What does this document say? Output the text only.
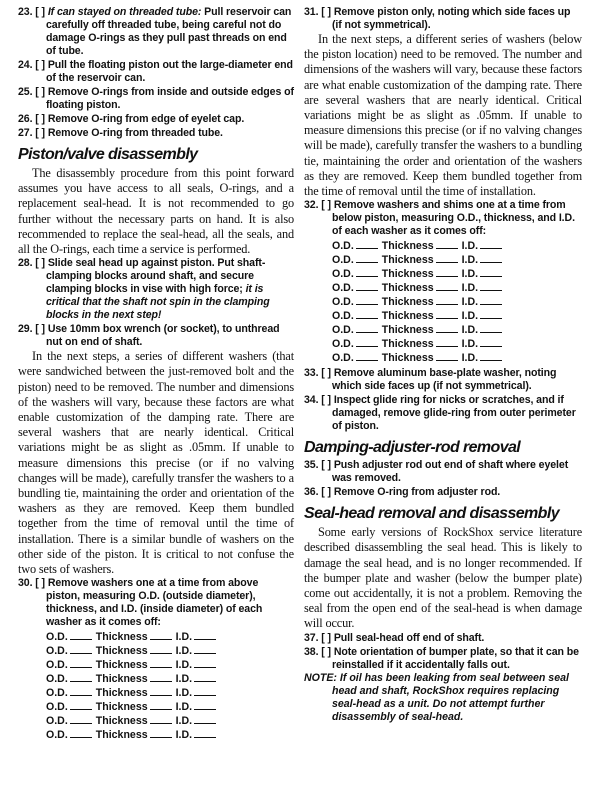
23. [ ] If can stayed on threaded tube: Pull reservoir can carefully off threaded tube, being careful not do damage O-rings as they pull past threads on end of tube.

24. [ ] Pull the floating piston out the large-diameter end of the reservoir can.

25. [ ] Remove O-rings from inside and outside edges of floating piston.

26. [ ] Remove O-ring from edge of eyelet cap.

27. [ ] Remove O-ring from threaded tube.

Piston/valve disassembly

The disassembly procedure from this point forward assumes you have access to all seals, O-rings, and a replacement seal-head. It is not recommended to go further without the necessary parts on hand. It is also recommended to replace the seal-head, all the seals, and all the O-rings, each time a service is performed.

28. [ ] Slide seal head up against piston. Put shaft-clamping blocks around shaft, and secure clamping blocks in vise with high force; it is critical that the shaft not spin in the clamping blocks in the next step!

29. [ ] Use 10mm box wrench (or socket), to unthread nut on end of shaft.

In the next steps, a series of different washers (that were sandwiched between the just-removed bolt and the piston) need to be removed. The number and dimensions of the washers will vary, because these factors are what enable customization of the damping rate. There are several washers that are nearly identical. Critical variations might be as slight as .05mm. If unable to measure dimensions this precise (or if no valving changes will be made), carefully transfer the washers to a bundling tie, maintaining the order and orientation of the washers as they are removed. Keep them bundled together from the time of removal until the time of installation. There is a similar bundle of washers on the other side of the piston. It is critical to not confuse the two sets of washers.

30. [ ] Remove washers one at a time from above piston, measuring O.D. (outside diameter), thickness, and I.D. (inside diameter) of each washer as it comes off:

O.D.	Thickness	I.D.
O.D.	Thickness	I.D.
O.D.	Thickness	I.D.
O.D.	Thickness	I.D.
O.D.	Thickness	I.D.
O.D.	Thickness	I.D.
O.D.	Thickness	I.D.
O.D.	Thickness	I.D.

31. [ ] Remove piston only, noting which side faces up (if not symmetrical).

In the next steps, a different series of washers (below the piston location) need to be removed. The number and dimensions of the washers will vary, because these factors are what enable customization of the damping rate. There are several washers that are nearly identical. Critical variations might be as slight as .05mm. If unable to measure dimensions this precise (or if no valving changes will be made), carefully transfer the washers to a bundling tie, maintaining the order and orientation of the washers as they are removed. Keep them bundled together from the time of removal until the time of installation.

32. [ ] Remove washers and shims one at a time from below piston, measuring O.D., thickness, and I.D. of each washer as it comes off:

O.D.	Thickness	I.D.
O.D.	Thickness	I.D.
O.D.	Thickness	I.D.
O.D.	Thickness	I.D.
O.D.	Thickness	I.D.
O.D.	Thickness	I.D.
O.D.	Thickness	I.D.
O.D.	Thickness	I.D.
O.D.	Thickness	I.D.

33. [ ] Remove aluminum base-plate washer, noting which side faces up (if not symmetrical).

34. [ ] Inspect glide ring for nicks or scratches, and if damaged, remove glide-ring from outer perimeter of piston.

Damping-adjuster-rod removal

35. [ ] Push adjuster rod out end of shaft where eyelet was removed.

36. [ ] Remove O-ring from adjuster rod.

Seal-head removal and disassembly

Some early versions of RockShox service literature described disassembling the seal head. This is likely to damage the seal head, and is no longer recommended. If the bumper plate and washer (below the bumper plate) come out accidentally, it is not a problem. Removing the seal from the open end of the seal-head is when damage will occur.

37. [ ] Pull seal-head off end of shaft.

38. [ ] Note orientation of bumper plate, so that it can be reinstalled if it accidentally falls out.

NOTE: If oil has been leaking from seal between seal head and shaft, RockShox requires replacing seal-head as a unit. Do not attempt further disassembly of seal-head.
